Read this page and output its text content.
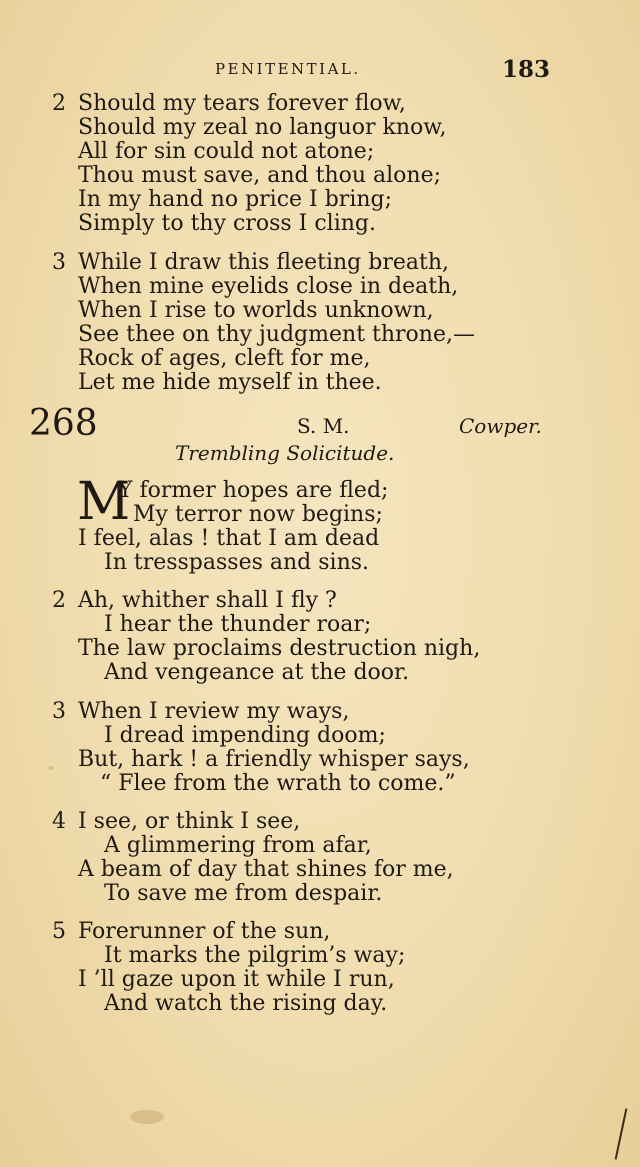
PENITENTIAL.	183
2 Should my tears forever flow,
Should my zeal no languor know,
All for sin could not atone;
Thou must save, and thou alone;
In my hand no price I bring;
Simply to thy cross I cling.
3 While I draw this fleeting breath,
When mine eyelids close in death,
When I rise to worlds unknown,
See thee on thy judgment throne,—
Rock of ages, cleft for me,
Let me hide myself in thee.
268	S. M.	Cowper.
Trembling Solicitude.
M
Y former hopes are fled;
My terror now begins;
I feel, alas ! that I am dead
In tresspasses and sins.
2 Ah, whither shall I fly ?
I hear the thunder roar;
The law proclaims destruction nigh,
And vengeance at the door.
3 When I review my ways,
I dread impending doom;
But, hark ! a friendly whisper says,
“ Flee from the wrath to come.”
4 I see, or think I see,
A glimmering from afar,
A beam of day that shines for me,
To save me from despair.
5 Forerunner of the sun,
It marks the pilgrim’s way;
I ’ll gaze upon it while I run,
And watch the rising day.
